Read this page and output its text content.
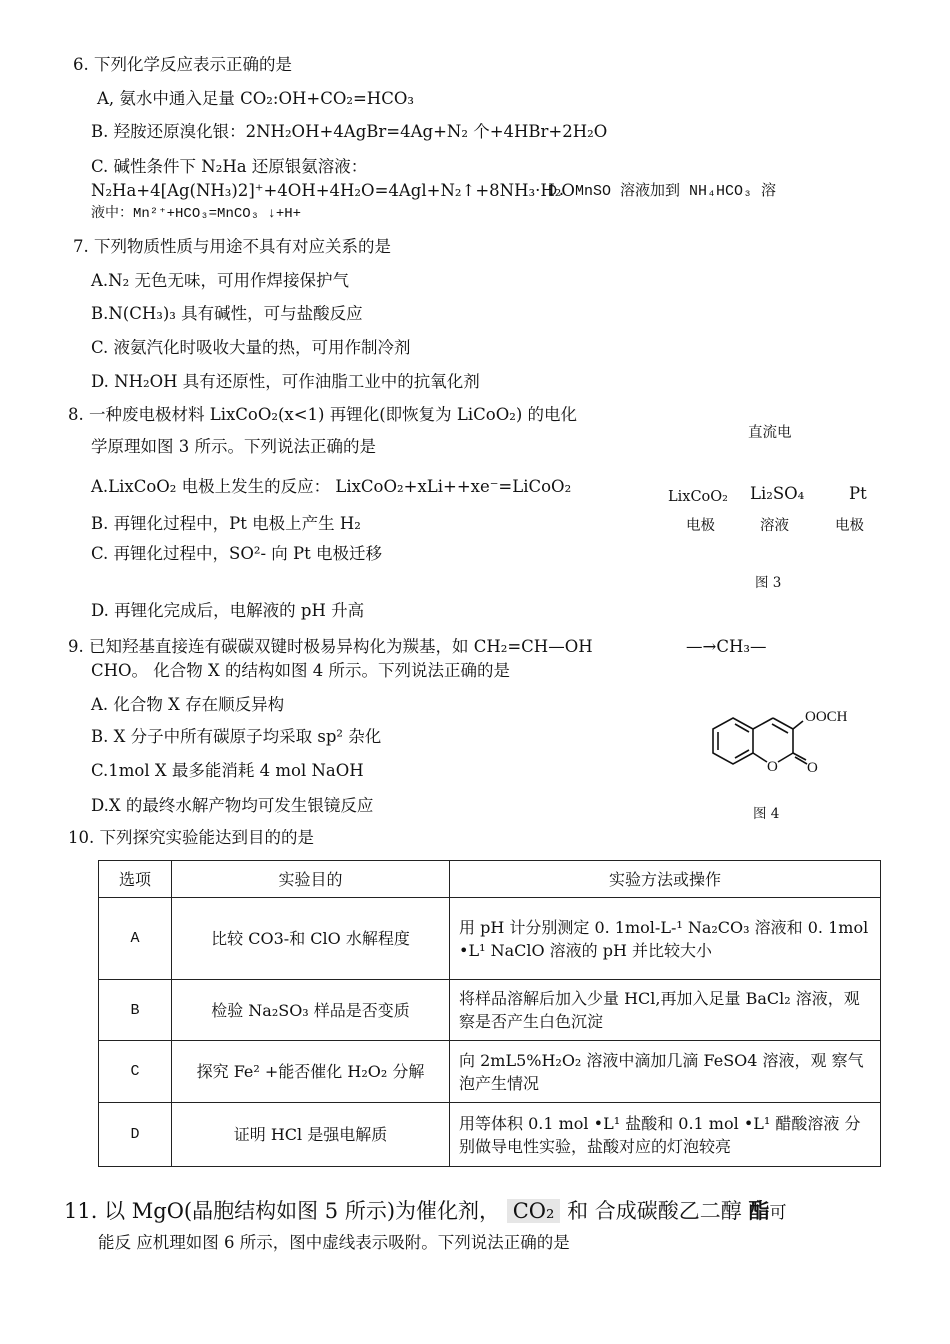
6. 下列化学反应表示正确的是
A, 氨水中通入足量 CO₂:OH+CO₂=HCO₃
B. 羟胺还原溴化银：2NH₂OH+4AgBr=4Ag+N₂ 个+4HBr+2H₂O
C. 碱性条件下 N₂Ha 还原银氨溶液：
N₂Ha+4[Ag(NH₃)2]⁺+4OH+4H₂O=4Agl+N₂↑+8NH₃·H₂O
D. MnSO 溶液加到 NH₄HCO₃ 溶
液中：Mn²⁺+HCO₃=MnCO₃ ↓+H+
7. 下列物质性质与用途不具有对应关系的是
A.N₂ 无色无味，可用作焊接保护气
B.N(CH₃)₃ 具有碱性，可与盐酸反应
C. 液氨汽化时吸收大量的热，可用作制冷剂
D. NH₂OH 具有还原性，可作油脂工业中的抗氧化剂
8. 一种废电极材料 LixCoO₂(x<1) 再锂化(即恢复为 LiCoO₂) 的电化
学原理如图 3 所示。下列说法正确的是
A.LixCoO₂ 电极上发生的反应： LixCoO₂+xLi++xe⁻=LiCoO₂
B. 再锂化过程中，Pt 电极上产生 H₂
C. 再锂化过程中，SO²- 向 Pt 电极迁移
D. 再锂化完成后，电解液的 pH 升高
直流电
LixCoO₂ Li₂SO₄	Pt
电极	溶液	电极
图 3
9. 已知羟基直接连有碳碳双键时极易异构化为羰基，如 CH₂=CH—OH	—→CH₃—
CHO。 化合物 X 的结构如图 4 所示。下列说法正确的是
A. 化合物 X 存在顺反异构
B. X 分子中所有碳原子均采取 sp² 杂化
C.1mol X 最多能消耗 4 mol NaOH
D.X 的最终水解产物均可发生银镜反应
OOCH
O O
图 4
10. 下列探究实验能达到目的的是
选项	实验目的	实验方法或操作
A	比较 CO3-和 ClO 水解程度	用 pH 计分别测定 0. 1mol-L-¹ Na₂CO₃ 溶液和 0. 1mol •L¹ NaClO 溶液的 pH 并比较大小
B	检验 Na₂SO₃ 样品是否变质	将样品溶解后加入少量 HCl,再加入足量 BaCl₂ 溶液，观察是否产生白色沉淀
C	探究 Fe² +能否催化 H₂O₂ 分解	向 2mL5%H₂O₂ 溶液中滴加几滴 FeSO4 溶液，观 察气泡产生情况
D	证明 HCl 是强电解质	用等体积 0.1 mol •L¹ 盐酸和 0.1 mol •L¹ 醋酸溶液 分别做导电性实验，盐酸对应的灯泡较亮
11. 以 MgO(晶胞结构如图 5 所示)为催化剂， CO₂ 和 合成碳酸乙二醇 酯可
能反 应机理如图 6 所示，图中虚线表示吸附。下列说法正确的是
